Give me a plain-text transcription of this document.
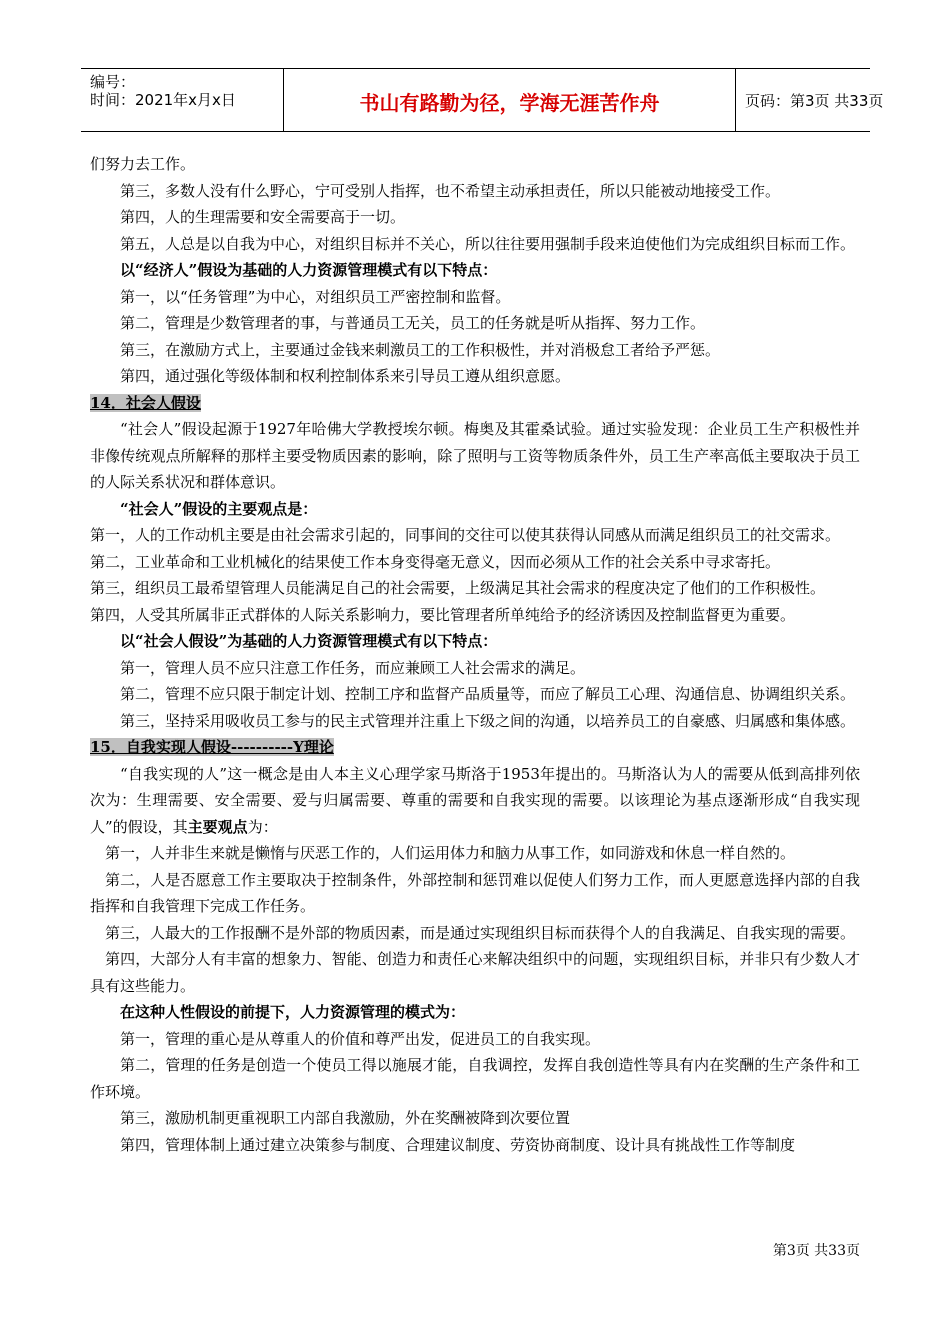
编号：
时间：2021年x月x日	书山有路勤为径，学海无涯苦作舟	页码：第3页 共33页

们努力去工作。

第三，多数人没有什么野心，宁可受别人指挥，也不希望主动承担责任，所以只能被动地接受工作。

第四，人的生理需要和安全需要高于一切。

第五，人总是以自我为中心，对组织目标并不关心，所以往往要用强制手段来迫使他们为完成组织目标而工作。

以“经济人”假设为基础的人力资源管理模式有以下特点：

第一，以“任务管理”为中心，对组织员工严密控制和监督。

第二，管理是少数管理者的事，与普通员工无关，员工的任务就是听从指挥、努力工作。

第三，在激励方式上，主要通过金钱来刺激员工的工作积极性，并对消极怠工者给予严惩。

第四，通过强化等级体制和权利控制体系来引导员工遵从组织意愿。

14．社会人假设

“社会人”假设起源于1927年哈佛大学教授埃尔顿。梅奥及其霍桑试验。通过实验发现：企业员工生产积极性并非像传统观点所解释的那样主要受物质因素的影响，除了照明与工资等物质条件外，员工生产率高低主要取决于员工的人际关系状况和群体意识。

“社会人”假设的主要观点是：

第一，人的工作动机主要是由社会需求引起的，同事间的交往可以使其获得认同感从而满足组织员工的社交需求。

第二，工业革命和工业机械化的结果使工作本身变得毫无意义，因而必须从工作的社会关系中寻求寄托。

第三，组织员工最希望管理人员能满足自己的社会需要，上级满足其社会需求的程度决定了他们的工作积极性。

第四，人受其所属非正式群体的人际关系影响力，要比管理者所单纯给予的经济诱因及控制监督更为重要。

以“社会人假设”为基础的人力资源管理模式有以下特点：

第一，管理人员不应只注意工作任务，而应兼顾工人社会需求的满足。

第二，管理不应只限于制定计划、控制工序和监督产品质量等，而应了解员工心理、沟通信息、协调组织关系。

第三，坚持采用吸收员工参与的民主式管理并注重上下级之间的沟通，以培养员工的自豪感、归属感和集体感。

15．自我实现人假设----------Y理论

“自我实现的人”这一概念是由人本主义心理学家马斯洛于1953年提出的。马斯洛认为人的需要从低到高排列依次为：生理需要、安全需要、爱与归属需要、尊重的需要和自我实现的需要。以该理论为基点逐渐形成“自我实现人”的假设，其主要观点为：

第一，人并非生来就是懒惰与厌恶工作的，人们运用体力和脑力从事工作，如同游戏和休息一样自然的。

第二，人是否愿意工作主要取决于控制条件，外部控制和惩罚难以促使人们努力工作，而人更愿意选择内部的自我指挥和自我管理下完成工作任务。

第三，人最大的工作报酬不是外部的物质因素，而是通过实现组织目标而获得个人的自我满足、自我实现的需要。

第四，大部分人有丰富的想象力、智能、创造力和责任心来解决组织中的问题，实现组织目标，并非只有少数人才具有这些能力。

在这种人性假设的前提下，人力资源管理的模式为：

第一，管理的重心是从尊重人的价值和尊严出发，促进员工的自我实现。

第二，管理的任务是创造一个使员工得以施展才能，自我调控，发挥自我创造性等具有内在奖酬的生产条件和工作环境。

第三，激励机制更重视职工内部自我激励，外在奖酬被降到次要位置

第四，管理体制上通过建立决策参与制度、合理建议制度、劳资协商制度、设计具有挑战性工作等制度

第3页 共33页
